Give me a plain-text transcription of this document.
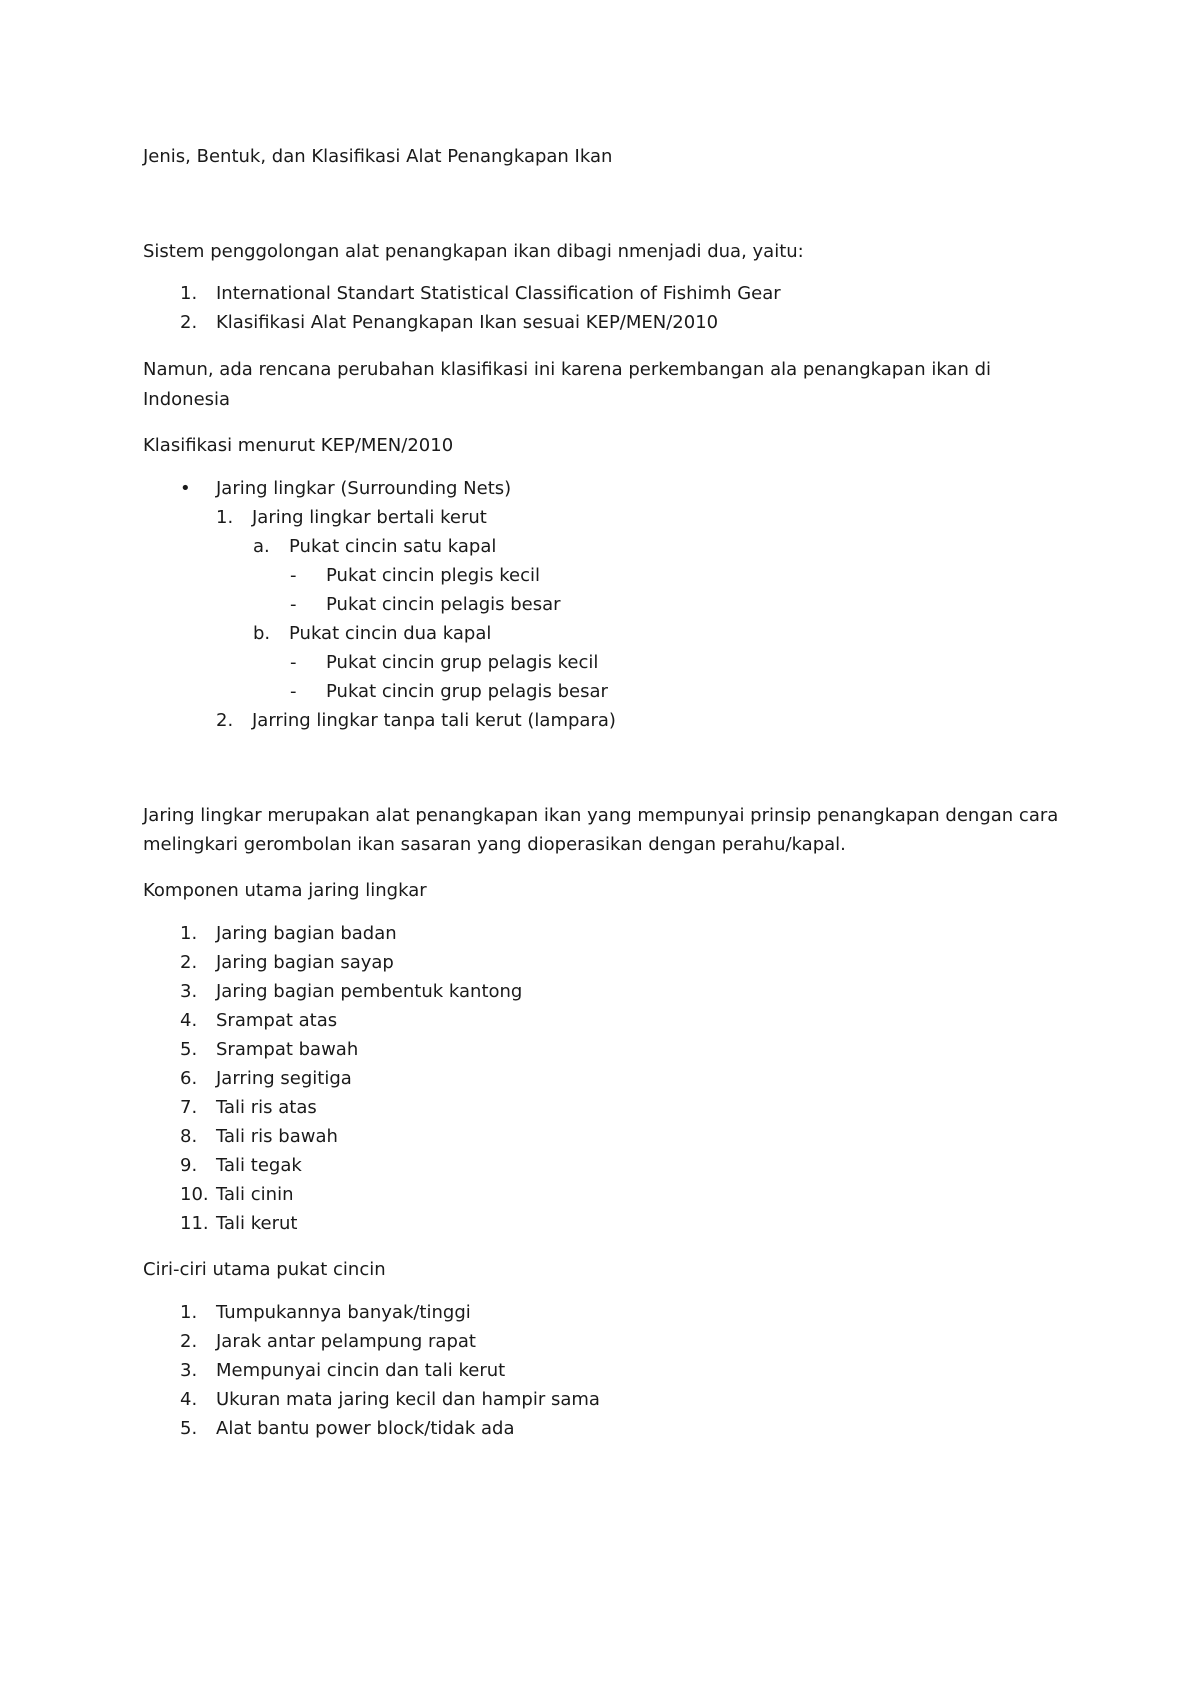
Jenis, Bentuk, dan Klasifikasi Alat Penangkapan Ikan
Sistem penggolongan alat penangkapan ikan dibagi nmenjadi dua, yaitu:
1. International Standart Statistical Classification of Fishimh Gear
2. Klasifikasi Alat Penangkapan Ikan sesuai KEP/MEN/2010
Namun, ada rencana perubahan klasifikasi ini karena perkembangan ala penangkapan ikan di
Indonesia
Klasifikasi menurut KEP/MEN/2010
• Jaring lingkar (Surrounding Nets)
1. Jaring lingkar bertali kerut
a. Pukat cincin satu kapal
- Pukat cincin plegis kecil
- Pukat cincin pelagis besar
b. Pukat cincin dua kapal
- Pukat cincin grup pelagis kecil
- Pukat cincin grup pelagis besar
2. Jarring lingkar tanpa tali kerut (lampara)
Jaring lingkar merupakan alat penangkapan ikan yang mempunyai prinsip penangkapan dengan cara
melingkari gerombolan ikan sasaran yang dioperasikan dengan perahu/kapal.
Komponen utama jaring lingkar
1. Jaring bagian badan
2. Jaring bagian sayap
3. Jaring bagian pembentuk kantong
4. Srampat atas
5. Srampat bawah
6. Jarring segitiga
7. Tali ris atas
8. Tali ris bawah
9. Tali tegak
10. Tali cinin
11. Tali kerut
Ciri-ciri utama pukat cincin
1. Tumpukannya banyak/tinggi
2. Jarak antar pelampung rapat
3. Mempunyai cincin dan tali kerut
4. Ukuran mata jaring kecil dan hampir sama
5. Alat bantu power block/tidak ada
